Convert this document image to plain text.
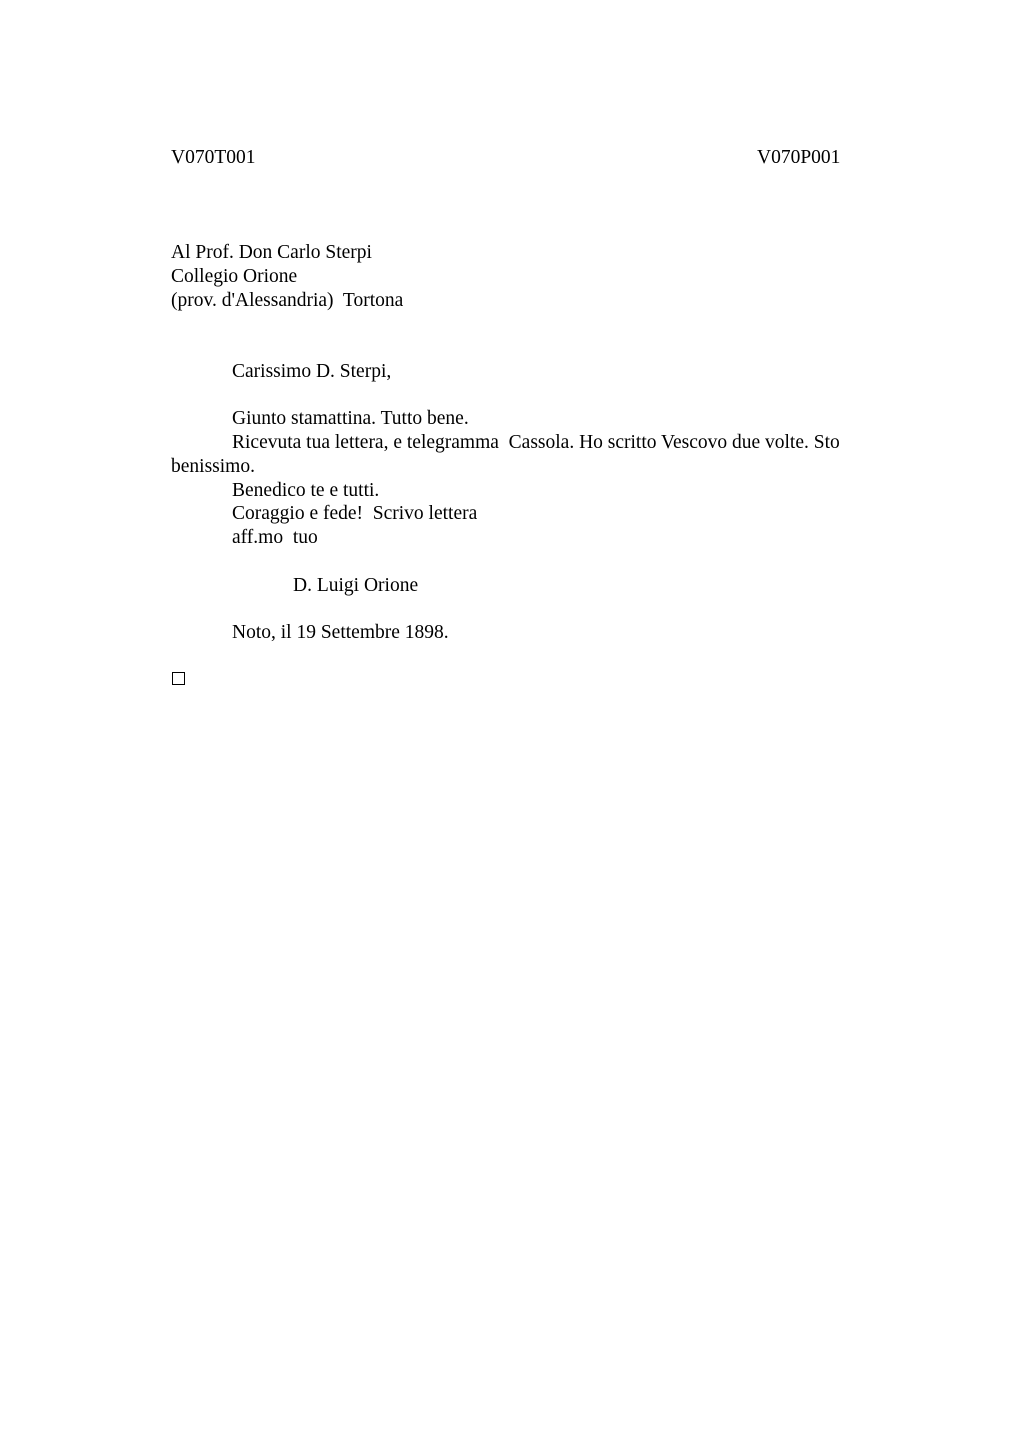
V070T001	V070P001
Al Prof. Don Carlo Sterpi
Collegio Orione
(prov. d'Alessandria)  Tortona
Carissimo D. Sterpi,
Giunto stamattina. Tutto bene.
Ricevuta tua lettera, e telegramma  Cassola. Ho scritto Vescovo due volte. Sto
benissimo.
Benedico te e tutti.
Coraggio e fede!  Scrivo lettera
aff.mo  tuo
D. Luigi Orione
Noto, il 19 Settembre 1898.
